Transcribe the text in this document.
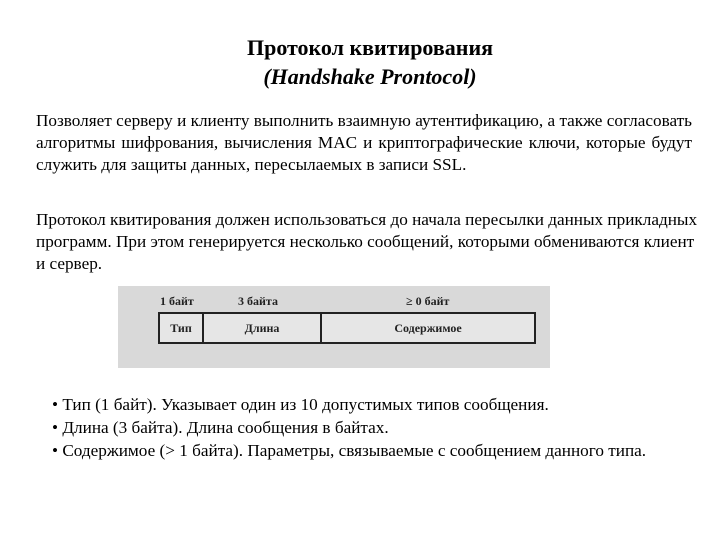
Протокол квитирования
(Handshake Prontocol)

Позволяет серверу и клиенту выполнить взаимную аутентификацию, а также согласовать алгоритмы шифрования, вычисления MAC и криптографические ключи, которые будут служить для защиты данных, пересылаемых в записи SSL.

Протокол квитирования должен использоваться до начала пересылки данных прикладных программ. При этом генерируется несколько сообщений, которыми обмениваются клиент и сервер.

1 байт	3 байта	≥ 0 байт
Тип	Длина	Содержимое
• Тип (1 байт). Указывает один из 10 допустимых типов сообщения.
• Длина (3 байта). Длина сообщения в байтах.
• Содержимое (> 1 байта). Параметры, связываемые с сообщением данного типа.
